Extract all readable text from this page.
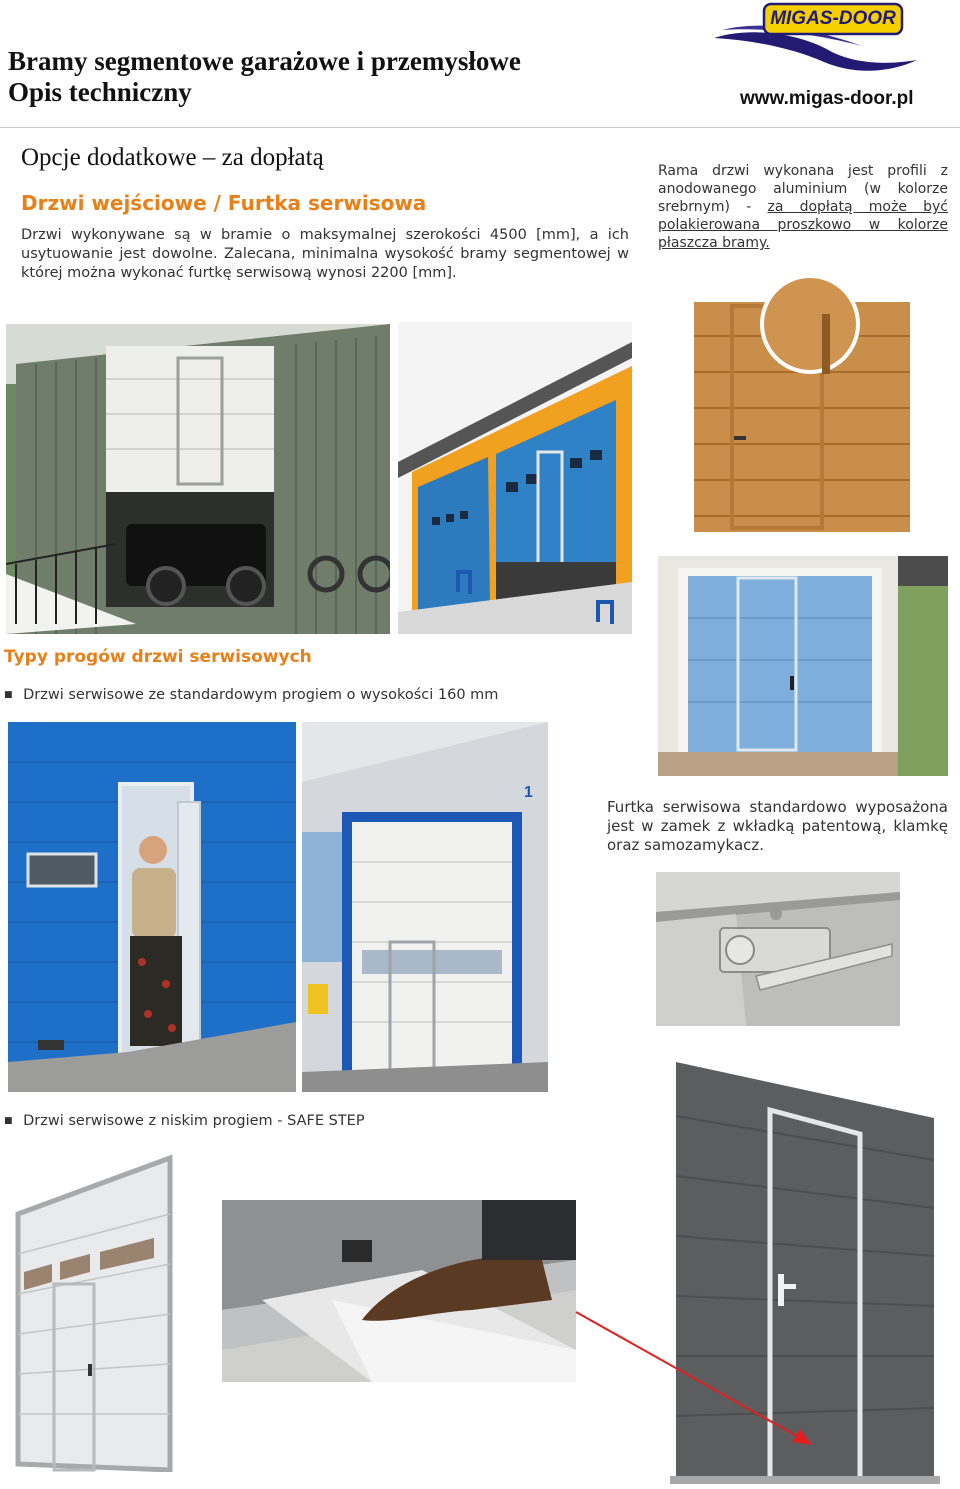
Bramy segmentowe garażowe i przemysłowe
Opis techniczny
MIGAS-DOOR
www.migas-door.pl
Opcje dodatkowe – za dopłatą
Drzwi wejściowe / Furtka serwisowa
Drzwi wykonywane są w bramie o maksymalnej szerokości 4500 [mm], a ich usytuowanie jest dowolne. Zalecana, minimalna wysokość bramy segmentowej w której można wykonać furtkę serwisową wynosi 2200 [mm].
Rama drzwi wykonana jest profili z anodowanego aluminium (w kolorze srebrnym) - za dopłatą może być polakierowana proszkowo w kolorze płaszcza bramy.
Typy progów drzwi serwisowych
■ Drzwi serwisowe ze standardowym progiem o wysokości 160 mm
1
Furtka serwisowa standardowo wyposażona jest w zamek z wkładką patentową, klamkę oraz samozamykacz.
■ Drzwi serwisowe z niskim progiem - SAFE STEP
